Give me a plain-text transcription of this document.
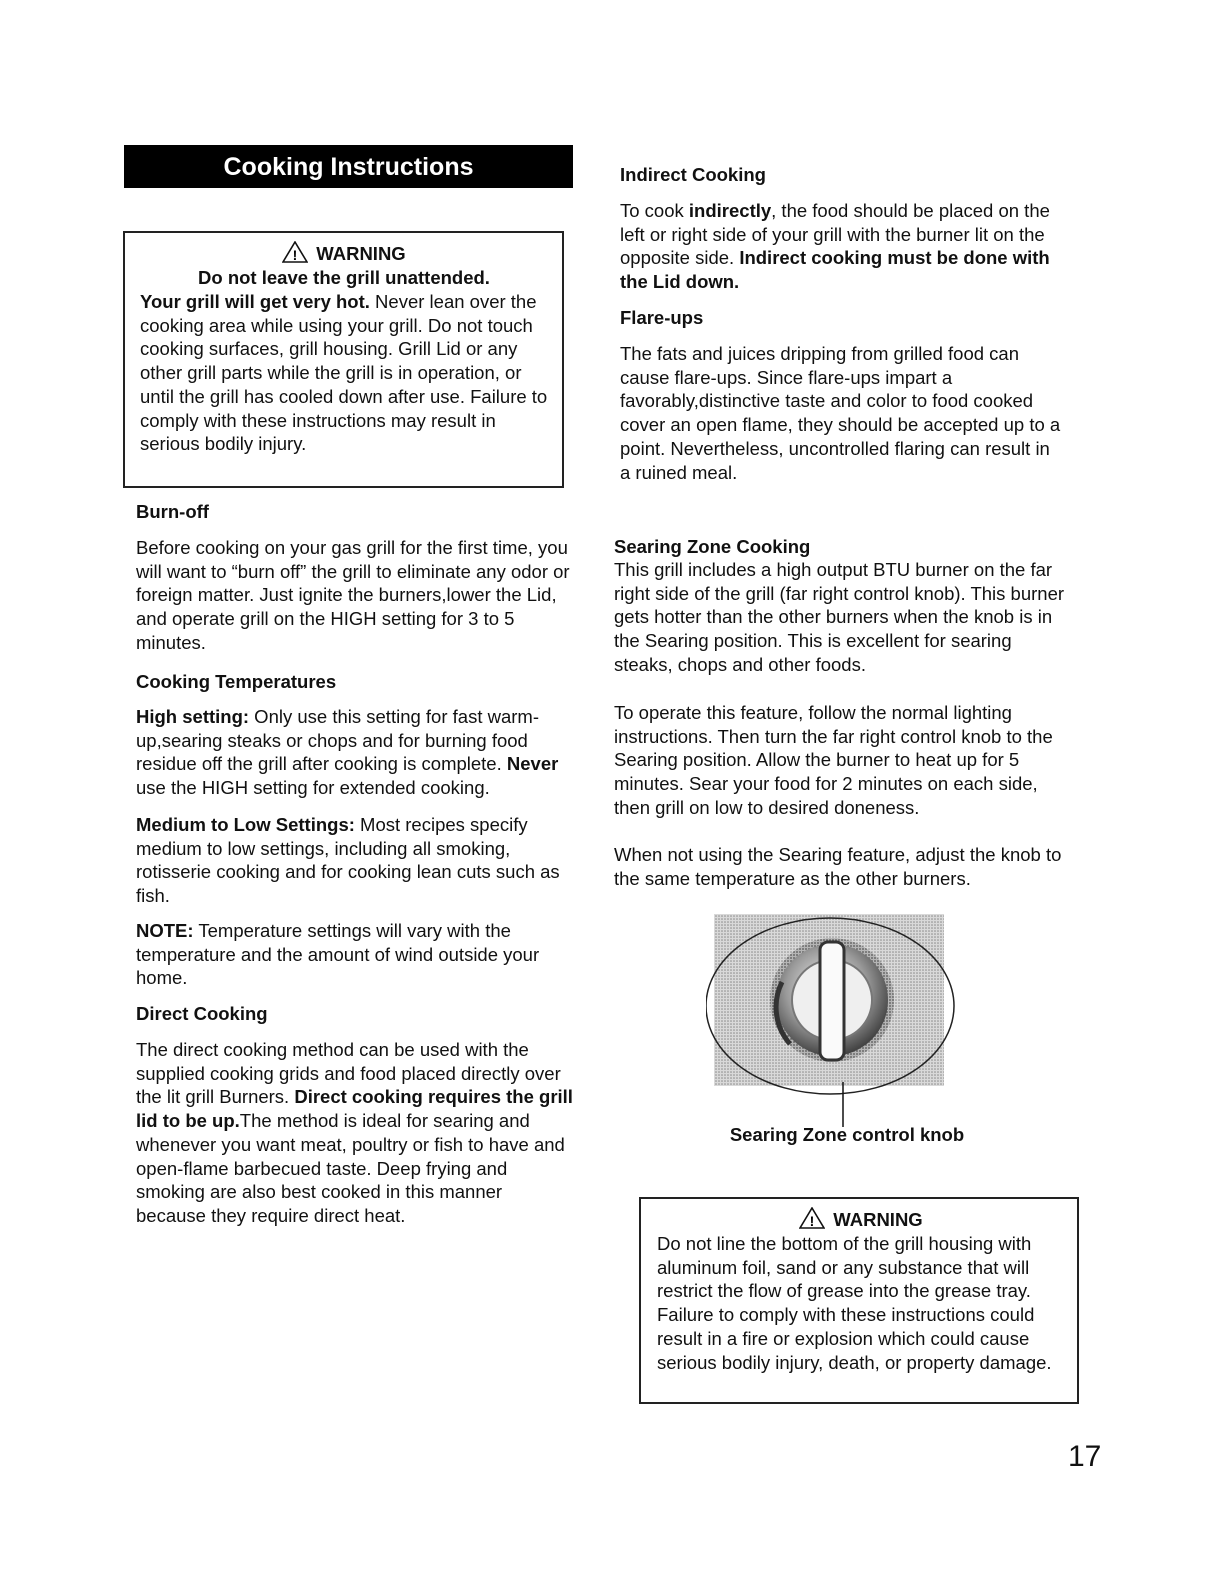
Cooking Instructions
! WARNING
Do not leave the grill unattended.

Your grill will get very hot. Never lean over the cooking area while using your grill. Do not touch cooking surfaces, grill housing. Grill Lid or any other grill parts while the grill is in operation, or until the grill has cooled down after use. Failure to comply with these instructions may result in serious bodily injury.

Burn-off

Before cooking on your gas grill for the first time, you will want to “burn off” the grill to eliminate any odor or foreign matter. Just ignite the burners,lower the Lid, and operate grill on the HIGH setting for 3 to 5 minutes.

Cooking Temperatures

High setting: Only use this setting for fast warm-up,searing steaks or chops and for burning food residue off the grill after cooking is complete. Never use the HIGH setting for extended cooking.

Medium to Low Settings: Most recipes specify medium to low settings, including all smoking, rotisserie cooking and for cooking lean cuts such as fish.

NOTE: Temperature settings will vary with the temperature and the amount of wind outside your home.

Direct Cooking

The direct cooking method can be used with the supplied cooking grids and food placed directly over the lit grill Burners. Direct cooking requires the grill lid to be up.The method is ideal for searing and whenever you want meat, poultry or fish to have and open-flame barbecued taste. Deep frying and smoking are also best cooked in this manner because they require direct heat.

Indirect Cooking

To cook indirectly, the food should be placed on the left or right side of your grill with the burner lit on the opposite side. Indirect cooking must be done with the Lid down.

Flare-ups

The fats and juices dripping from grilled food can cause flare-ups. Since flare-ups impart a favorably,distinctive taste and color to food cooked cover an open flame, they should be accepted up to a point. Nevertheless, uncontrolled flaring can result in a ruined meal.

Searing Zone Cooking

This grill includes a high output BTU burner on the far right side of the grill (far right control knob). This burner gets hotter than the other burners when the knob is in the Searing position. This is excellent for searing steaks, chops and other foods.

To operate this feature, follow the normal lighting instructions. Then turn the far right control knob to the Searing position. Allow the burner to heat up for 5 minutes. Sear your food for 2 minutes on each side, then grill on low to desired doneness.

When not using the Searing feature, adjust the knob to the same temperature as the other burners.

Searing Zone control knob
! WARNING

Do not line the bottom of the grill housing with aluminum foil, sand or any substance that will restrict the flow of grease into the grease tray. Failure to comply with these instructions could result in a fire or explosion which could cause serious bodily injury, death, or property damage.

17
